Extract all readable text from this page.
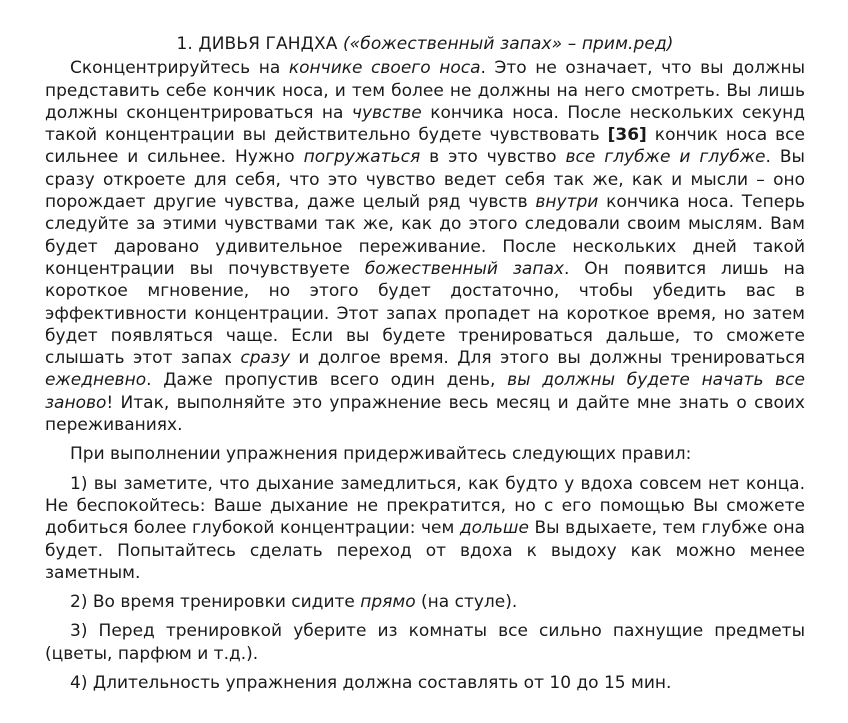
1. ДИВЬЯ ГАНДХА («божественный запах» – прим.ред)

Сконцентрируйтесь на кончике своего носа. Это не означает, что вы должны представить себе кончик носа, и тем более не должны на него смотреть. Вы лишь должны сконцентрироваться на чувстве кончика носа. После нескольких секунд такой концентрации вы действительно будете чувствовать [36] кончик носа все сильнее и сильнее. Нужно погружаться в это чувство все глубже и глубже. Вы сразу откроете для себя, что это чувство ведет себя так же, как и мысли – оно порождает другие чувства, даже целый ряд чувств внутри кончика носа. Теперь следуйте за этими чувствами так же, как до этого следовали своим мыслям. Вам будет даровано удивительное переживание. После нескольких дней такой концентрации вы почувствуете божественный запах. Он появится лишь на короткое мгновение, но этого будет достаточно, чтобы убедить вас в эффективности концентрации. Этот запах пропадет на короткое время, но затем будет появляться чаще. Если вы будете тренироваться дальше, то сможете слышать этот запах сразу и долгое время. Для этого вы должны тренироваться ежедневно. Даже пропустив всего один день, вы должны будете начать все заново! Итак, выполняйте это упражнение весь месяц и дайте мне знать о своих переживаниях.

При выполнении упражнения придерживайтесь следующих правил:

1) вы заметите, что дыхание замедлиться, как будто у вдоха совсем нет конца. Не беспокойтесь: Ваше дыхание не прекратится, но с его помощью Вы сможете добиться более глубокой концентрации: чем дольше Вы вдыхаете, тем глубже она будет. Попытайтесь сделать переход от вдоха к выдоху как можно менее заметным.

2) Во время тренировки сидите прямо (на стуле).

3) Перед тренировкой уберите из комнаты все сильно пахнущие предметы (цветы, парфюм и т.д.).

4) Длительность упражнения должна составлять от 10 до 15 мин.
